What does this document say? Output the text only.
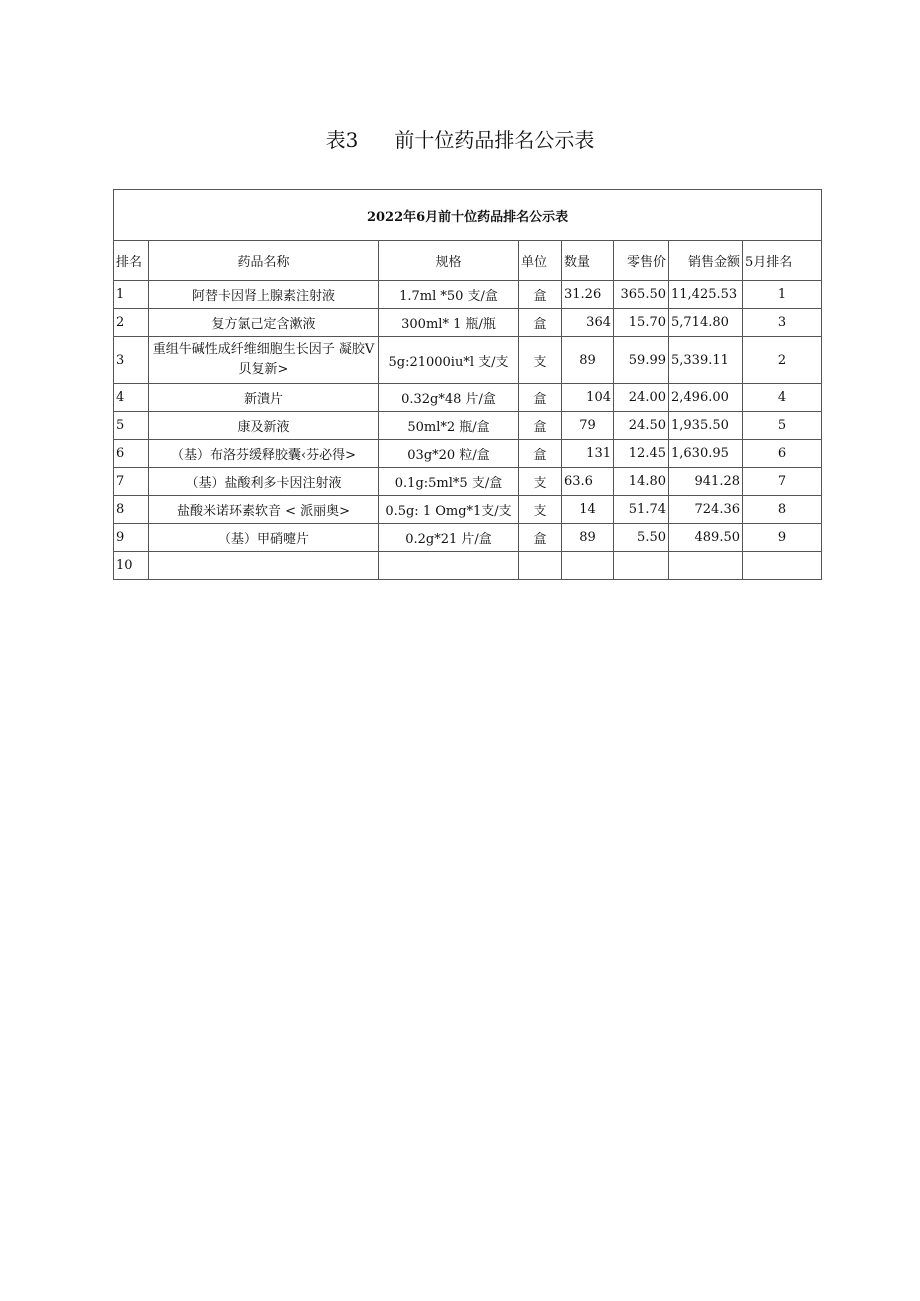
表3 前十位药品排名公示表
2022年6月前十位药品排名公示表							
排名	药品名称	规格	单位	数量	零售价	销售金额	5月排名
1	阿替卡因肾上腺素注射液	1.7ml *50 支/盒	盒	31.26	365.50	11,425.53	1
2	复方氯己定含漱液	300ml* 1 瓶/瓶	盒	364	15.70	5,714.80	3
3	重组牛碱性成纤维细胞生长因子 凝胶V贝复新>	5g:21000iu*l 支/支	支	89	59.99	5,339.11	2
4	新潰片	0.32g*48 片/盒	盒	104	24.00	2,496.00	4
5	康及新液	50ml*2 瓶/盒	盒	79	24.50	1,935.50	5
6	（基）布洛芬缓释胶囊‹芬必得>	03g*20 粒/盒	盒	131	12.45	1,630.95	6
7	（基）盐酸利多卡因注射液	0.1g:5ml*5 支/盒	支	63.6	14.80	941.28	7
8	盐酸米诺环素软音 < 派丽奥>	0.5g: 1 Omg*1支/支	支	14	51.74	724.36	8
9	（基）甲硝嚏片	0.2g*21 片/盒	盒	89	5.50	489.50	9
10							
